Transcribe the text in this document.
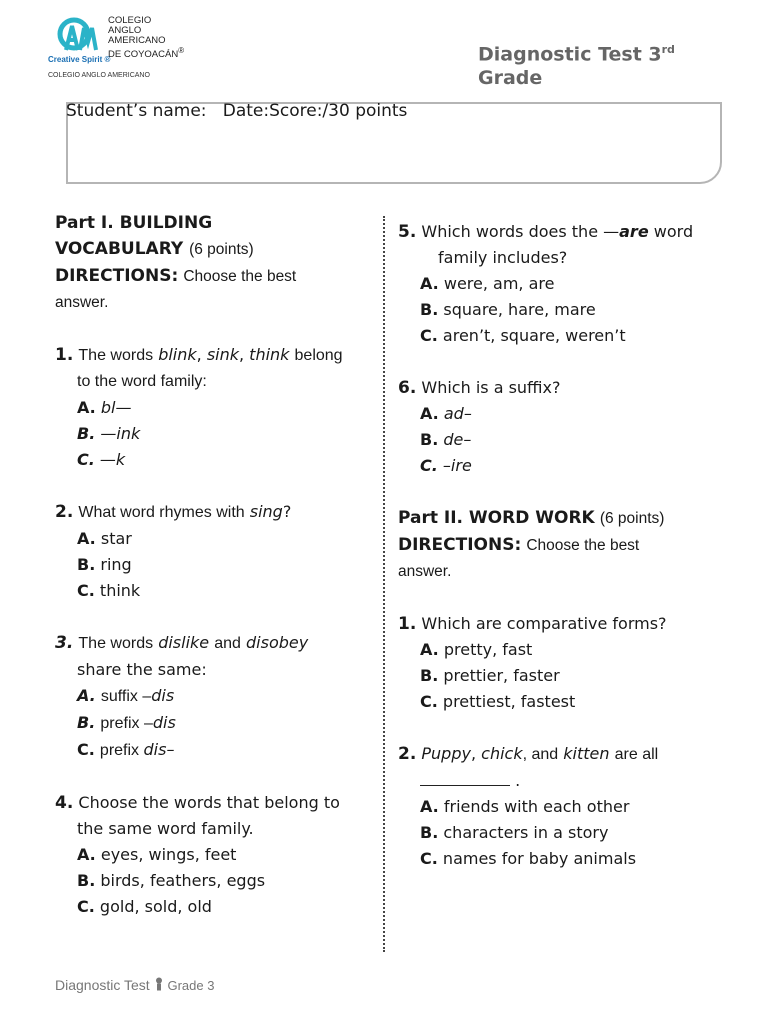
COLEGIO
ANGLO
AMERICANO
DE COYOACÁN®
Creative Spirit ®
COLEGIO ANGLO AMERICANO
Diagnostic Test 3rd
Grade
Student’s name:   Date:Score:/30 points
Part I. BUILDING
VOCABULARY (6 points)
DIRECTIONS: Choose the best
answer.
1. The words blink, sink, think belong
to the word family:
A. bl—
B. —ink
C. —k
2. What word rhymes with sing?
A. star
B. ring
C. think
3. The words dislike and disobey
share the same:
A. suffix –dis
B. prefix –dis
C. prefix dis–
4. Choose the words that belong to
the same word family.
A. eyes, wings, feet
B. birds, feathers, eggs
C. gold, sold, old
5. Which words does the —are word
family includes?
A. were, am, are
B. square, hare, mare
C. aren’t, square, weren’t
6. Which is a suffix?
A. ad–
B. de–
C. –ire
Part II. WORD WORK (6 points)
DIRECTIONS: Choose the best
answer.
1. Which are comparative forms?
A. pretty, fast
B. prettier, faster
C. prettiest, fastest
2. Puppy, chick, and kitten are all
.
A. friends with each other
B. characters in a story
C. names for baby animals
Diagnostic Test Grade 3
